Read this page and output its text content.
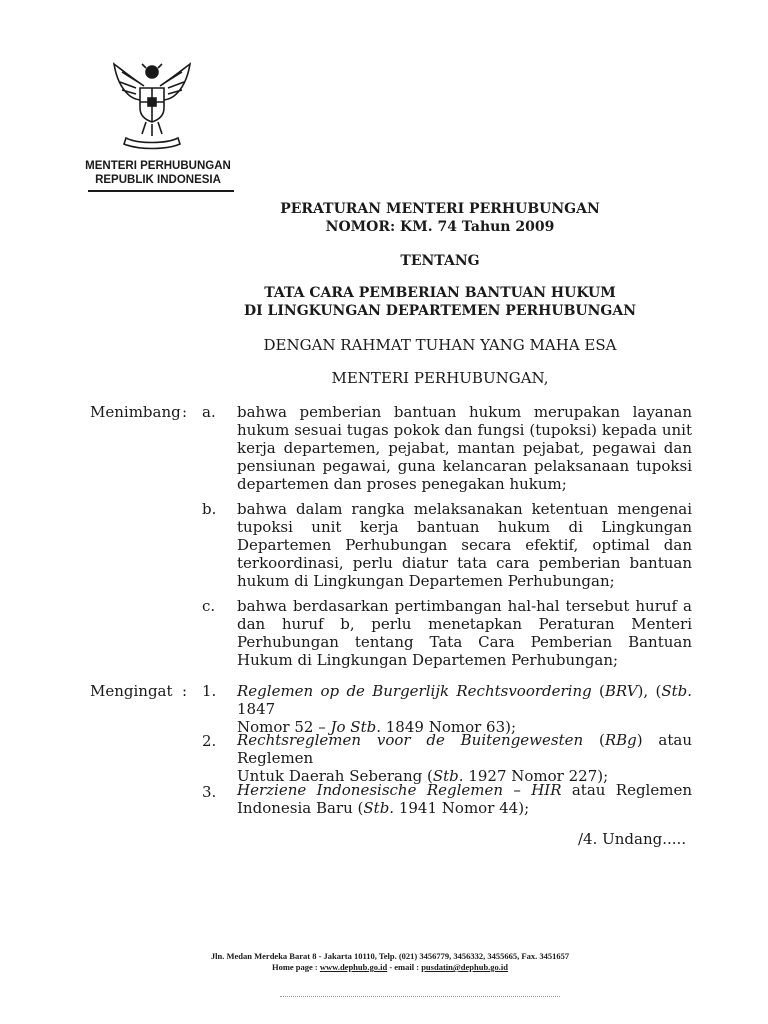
MENTERI PERHUBUNGAN
REPUBLIK INDONESIA
PERATURAN MENTERI PERHUBUNGAN
NOMOR: KM. 74 Tahun 2009
TENTANG
TATA CARA PEMBERIAN BANTUAN HUKUM
DI LINGKUNGAN DEPARTEMEN PERHUBUNGAN
DENGAN RAHMAT TUHAN YANG MAHA ESA
MENTERI PERHUBUNGAN,
Menimbang : a. bahwa pemberian bantuan hukum merupakan layanan
hukum sesuai tugas pokok dan fungsi (tupoksi) kepada unit
kerja departemen, pejabat, mantan pejabat, pegawai dan
pensiunan pegawai, guna kelancaran pelaksanaan tupoksi
departemen dan proses penegakan hukum;
b. bahwa dalam rangka melaksanakan ketentuan mengenai
tupoksi unit kerja bantuan hukum di Lingkungan
Departemen Perhubungan secara efektif, optimal dan
terkoordinasi, perlu diatur tata cara pemberian bantuan
hukum di Lingkungan Departemen Perhubungan;
c. bahwa berdasarkan pertimbangan hal-hal tersebut huruf a
dan huruf b, perlu menetapkan Peraturan Menteri
Perhubungan tentang Tata Cara Pemberian Bantuan
Hukum di Lingkungan Departemen Perhubungan;
Mengingat : 1. Reglemen op de Burgerlijk Rechtsvoordering (BRV), (Stb. 1847
Nomor 52 – Jo Stb. 1849 Nomor 63);
2. Rechtsreglemen voor de Buitengewesten (RBg) atau Reglemen
Untuk Daerah Seberang (Stb. 1927 Nomor 227);
3. Herziene Indonesische Reglemen – HIR atau Reglemen
Indonesia Baru (Stb. 1941 Nomor 44);
/4. Undang.....
Jln. Medan Merdeka Barat 8 - Jakarta 10110, Telp. (021) 3456779, 3456332, 3455665, Fax. 3451657
Home page : www.dephub.go.id - email : pusdatin@dephub.go.id
